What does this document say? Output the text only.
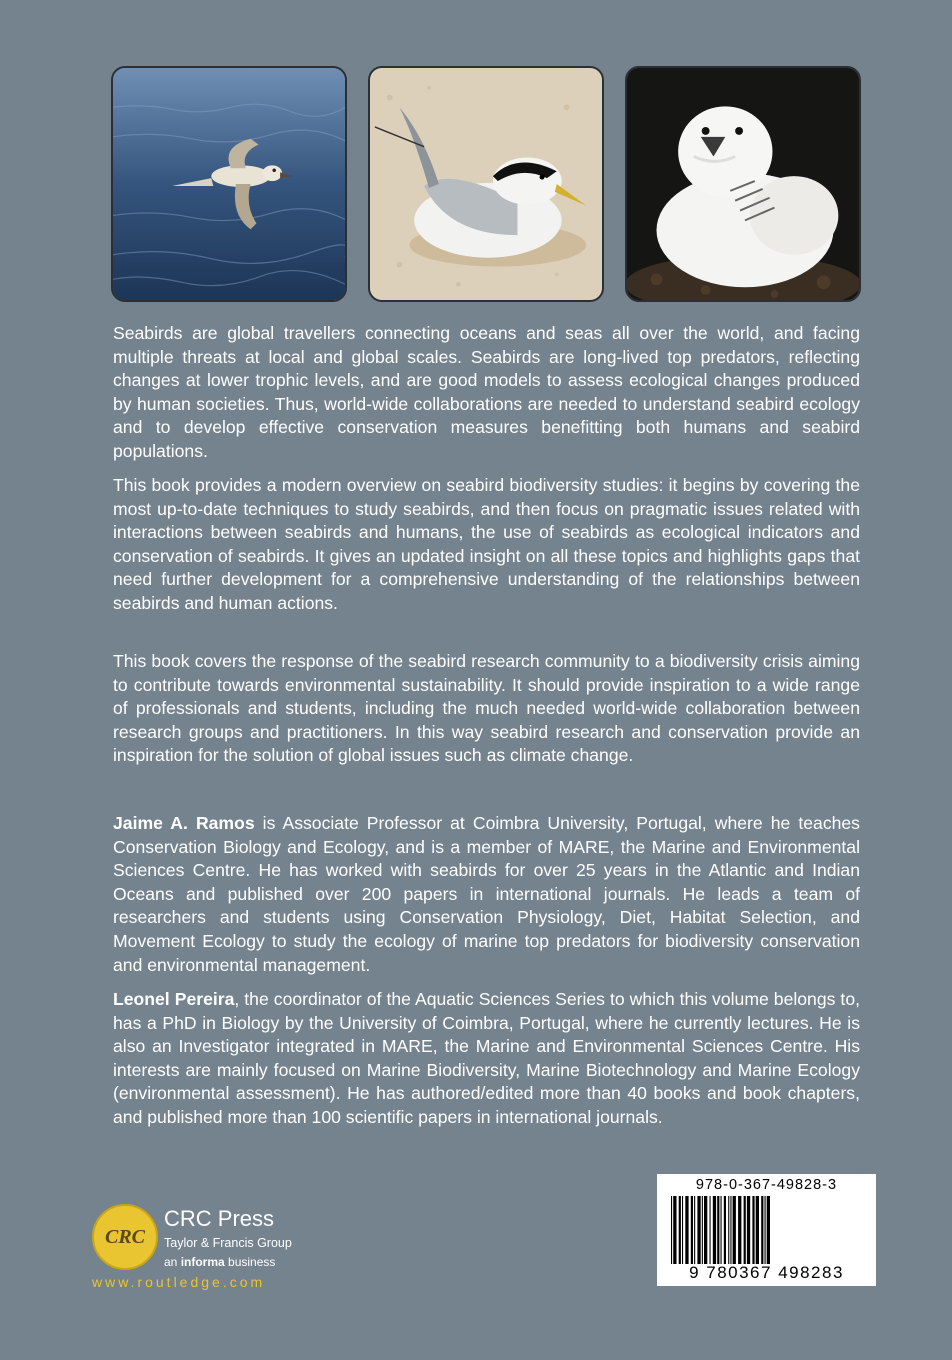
Seabirds are global travellers connecting oceans and seas all over the world, and facing multiple threats at local and global scales. Seabirds are long-lived top predators, reflecting changes at lower trophic levels, and are good models to assess ecological changes produced by human societies. Thus, world-wide collaborations are needed to understand seabird ecology and to develop effective conservation measures benefitting both humans and seabird populations.

This book provides a modern overview on seabird biodiversity studies: it begins by covering the most up-to-date techniques to study seabirds, and then focus on pragmatic issues related with interactions between seabirds and humans, the use of seabirds as ecological indicators and conservation of seabirds. It gives an updated insight on all these topics and highlights gaps that need further development for a comprehensive understanding of the relationships between seabirds and human actions.

This book covers the response of the seabird research community to a biodiversity crisis aiming to contribute towards environmental sustainability. It should provide inspiration to a wide range of professionals and students, including the much needed world-wide collaboration between research groups and practitioners. In this way seabird research and conservation provide an inspiration for the solution of global issues such as climate change.

Jaime A. Ramos is Associate Professor at Coimbra University, Portugal, where he teaches Conservation Biology and Ecology, and is a member of MARE, the Marine and Environmental Sciences Centre. He has worked with seabirds for over 25 years in the Atlantic and Indian Oceans and published over 200 papers in international journals. He leads a team of researchers and students using Conservation Physiology, Diet, Habitat Selection, and Movement Ecology to study the ecology of marine top predators for biodiversity conservation and environmental management.

Leonel Pereira, the coordinator of the Aquatic Sciences Series to which this volume belongs to, has a PhD in Biology by the University of Coimbra, Portugal, where he currently lectures. He is also an Investigator integrated in MARE, the Marine and Environmental Sciences Centre. His interests are mainly focused on Marine Biodiversity, Marine Biotechnology and Marine Ecology (environmental assessment). He has authored/edited more than 40 books and book chapters, and published more than 100 scientific papers in international journals.

CRC
CRC Press
Taylor & Francis Group
an informa business
www.routledge.com
978-0-367-49828-3
9 780367 498283
